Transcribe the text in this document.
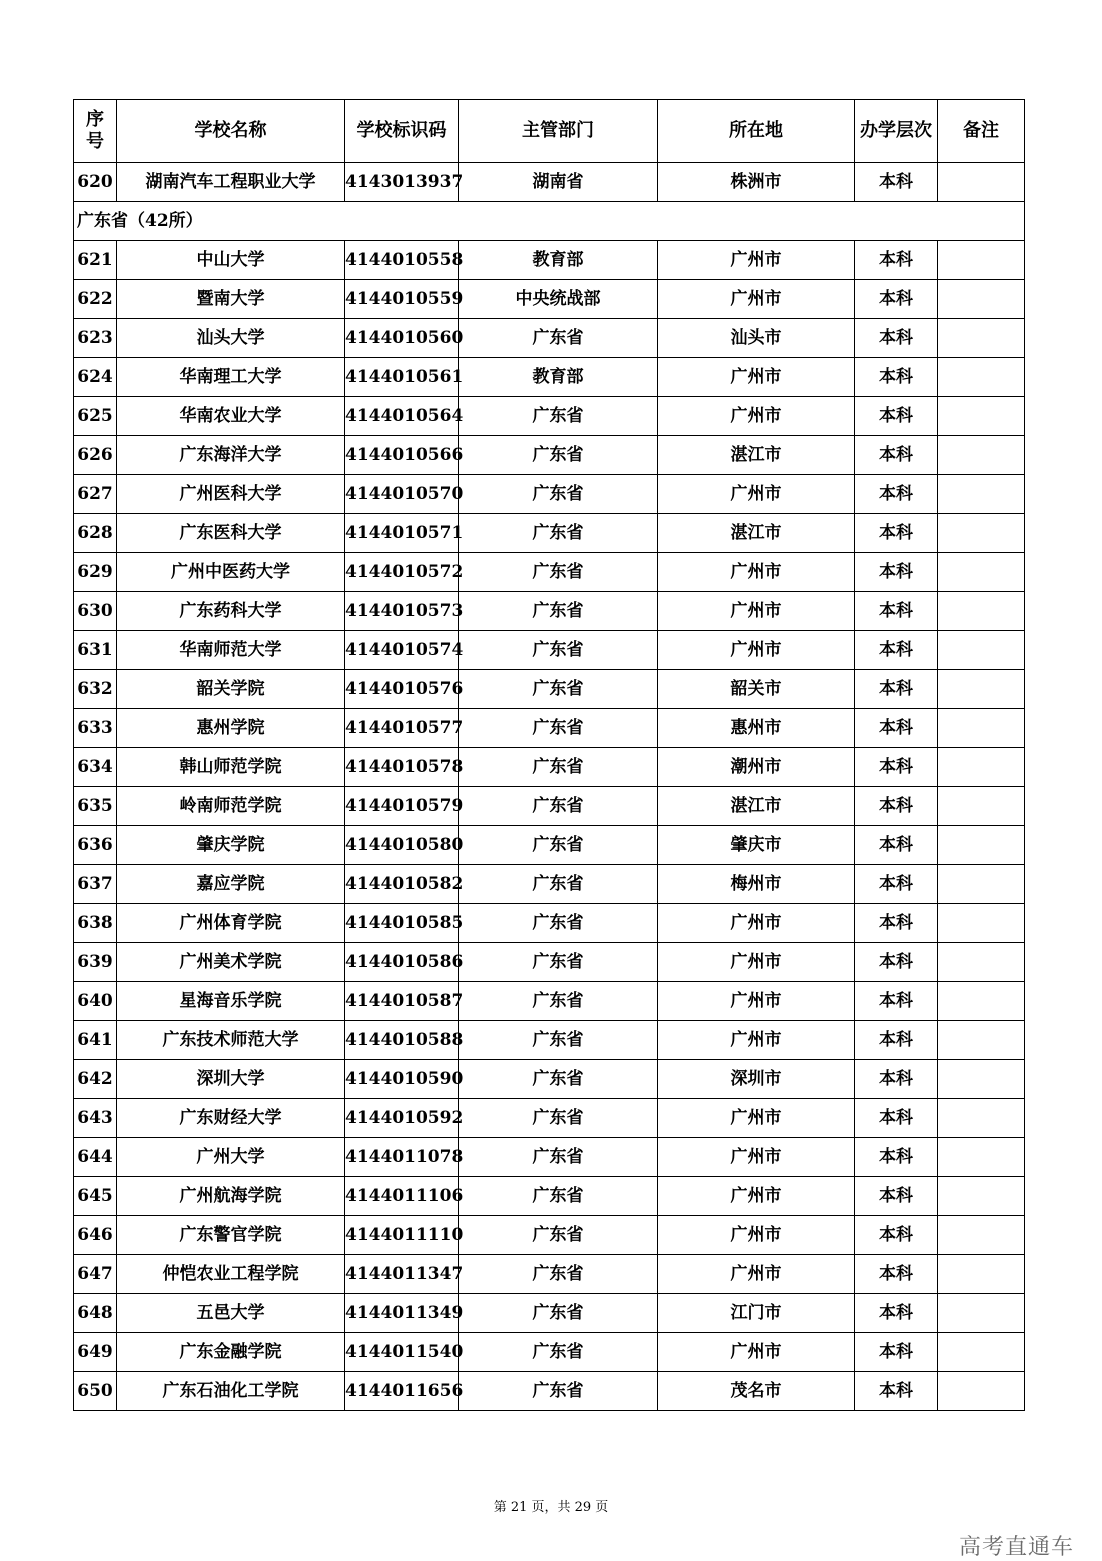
序号	学校名称	学校标识码	主管部门	所在地	办学层次	备注
620	湖南汽车工程职业大学	4143013937	湖南省	株洲市	本科	
广东省（42所）						
621	中山大学	4144010558	教育部	广州市	本科	
622	暨南大学	4144010559	中央统战部	广州市	本科	
623	汕头大学	4144010560	广东省	汕头市	本科	
624	华南理工大学	4144010561	教育部	广州市	本科	
625	华南农业大学	4144010564	广东省	广州市	本科	
626	广东海洋大学	4144010566	广东省	湛江市	本科	
627	广州医科大学	4144010570	广东省	广州市	本科	
628	广东医科大学	4144010571	广东省	湛江市	本科	
629	广州中医药大学	4144010572	广东省	广州市	本科	
630	广东药科大学	4144010573	广东省	广州市	本科	
631	华南师范大学	4144010574	广东省	广州市	本科	
632	韶关学院	4144010576	广东省	韶关市	本科	
633	惠州学院	4144010577	广东省	惠州市	本科	
634	韩山师范学院	4144010578	广东省	潮州市	本科	
635	岭南师范学院	4144010579	广东省	湛江市	本科	
636	肇庆学院	4144010580	广东省	肇庆市	本科	
637	嘉应学院	4144010582	广东省	梅州市	本科	
638	广州体育学院	4144010585	广东省	广州市	本科	
639	广州美术学院	4144010586	广东省	广州市	本科	
640	星海音乐学院	4144010587	广东省	广州市	本科	
641	广东技术师范大学	4144010588	广东省	广州市	本科	
642	深圳大学	4144010590	广东省	深圳市	本科	
643	广东财经大学	4144010592	广东省	广州市	本科	
644	广州大学	4144011078	广东省	广州市	本科	
645	广州航海学院	4144011106	广东省	广州市	本科	
646	广东警官学院	4144011110	广东省	广州市	本科	
647	仲恺农业工程学院	4144011347	广东省	广州市	本科	
648	五邑大学	4144011349	广东省	江门市	本科	
649	广东金融学院	4144011540	广东省	广州市	本科	
650	广东石油化工学院	4144011656	广东省	茂名市	本科	
第 21 页，共 29 页
高考直通车
